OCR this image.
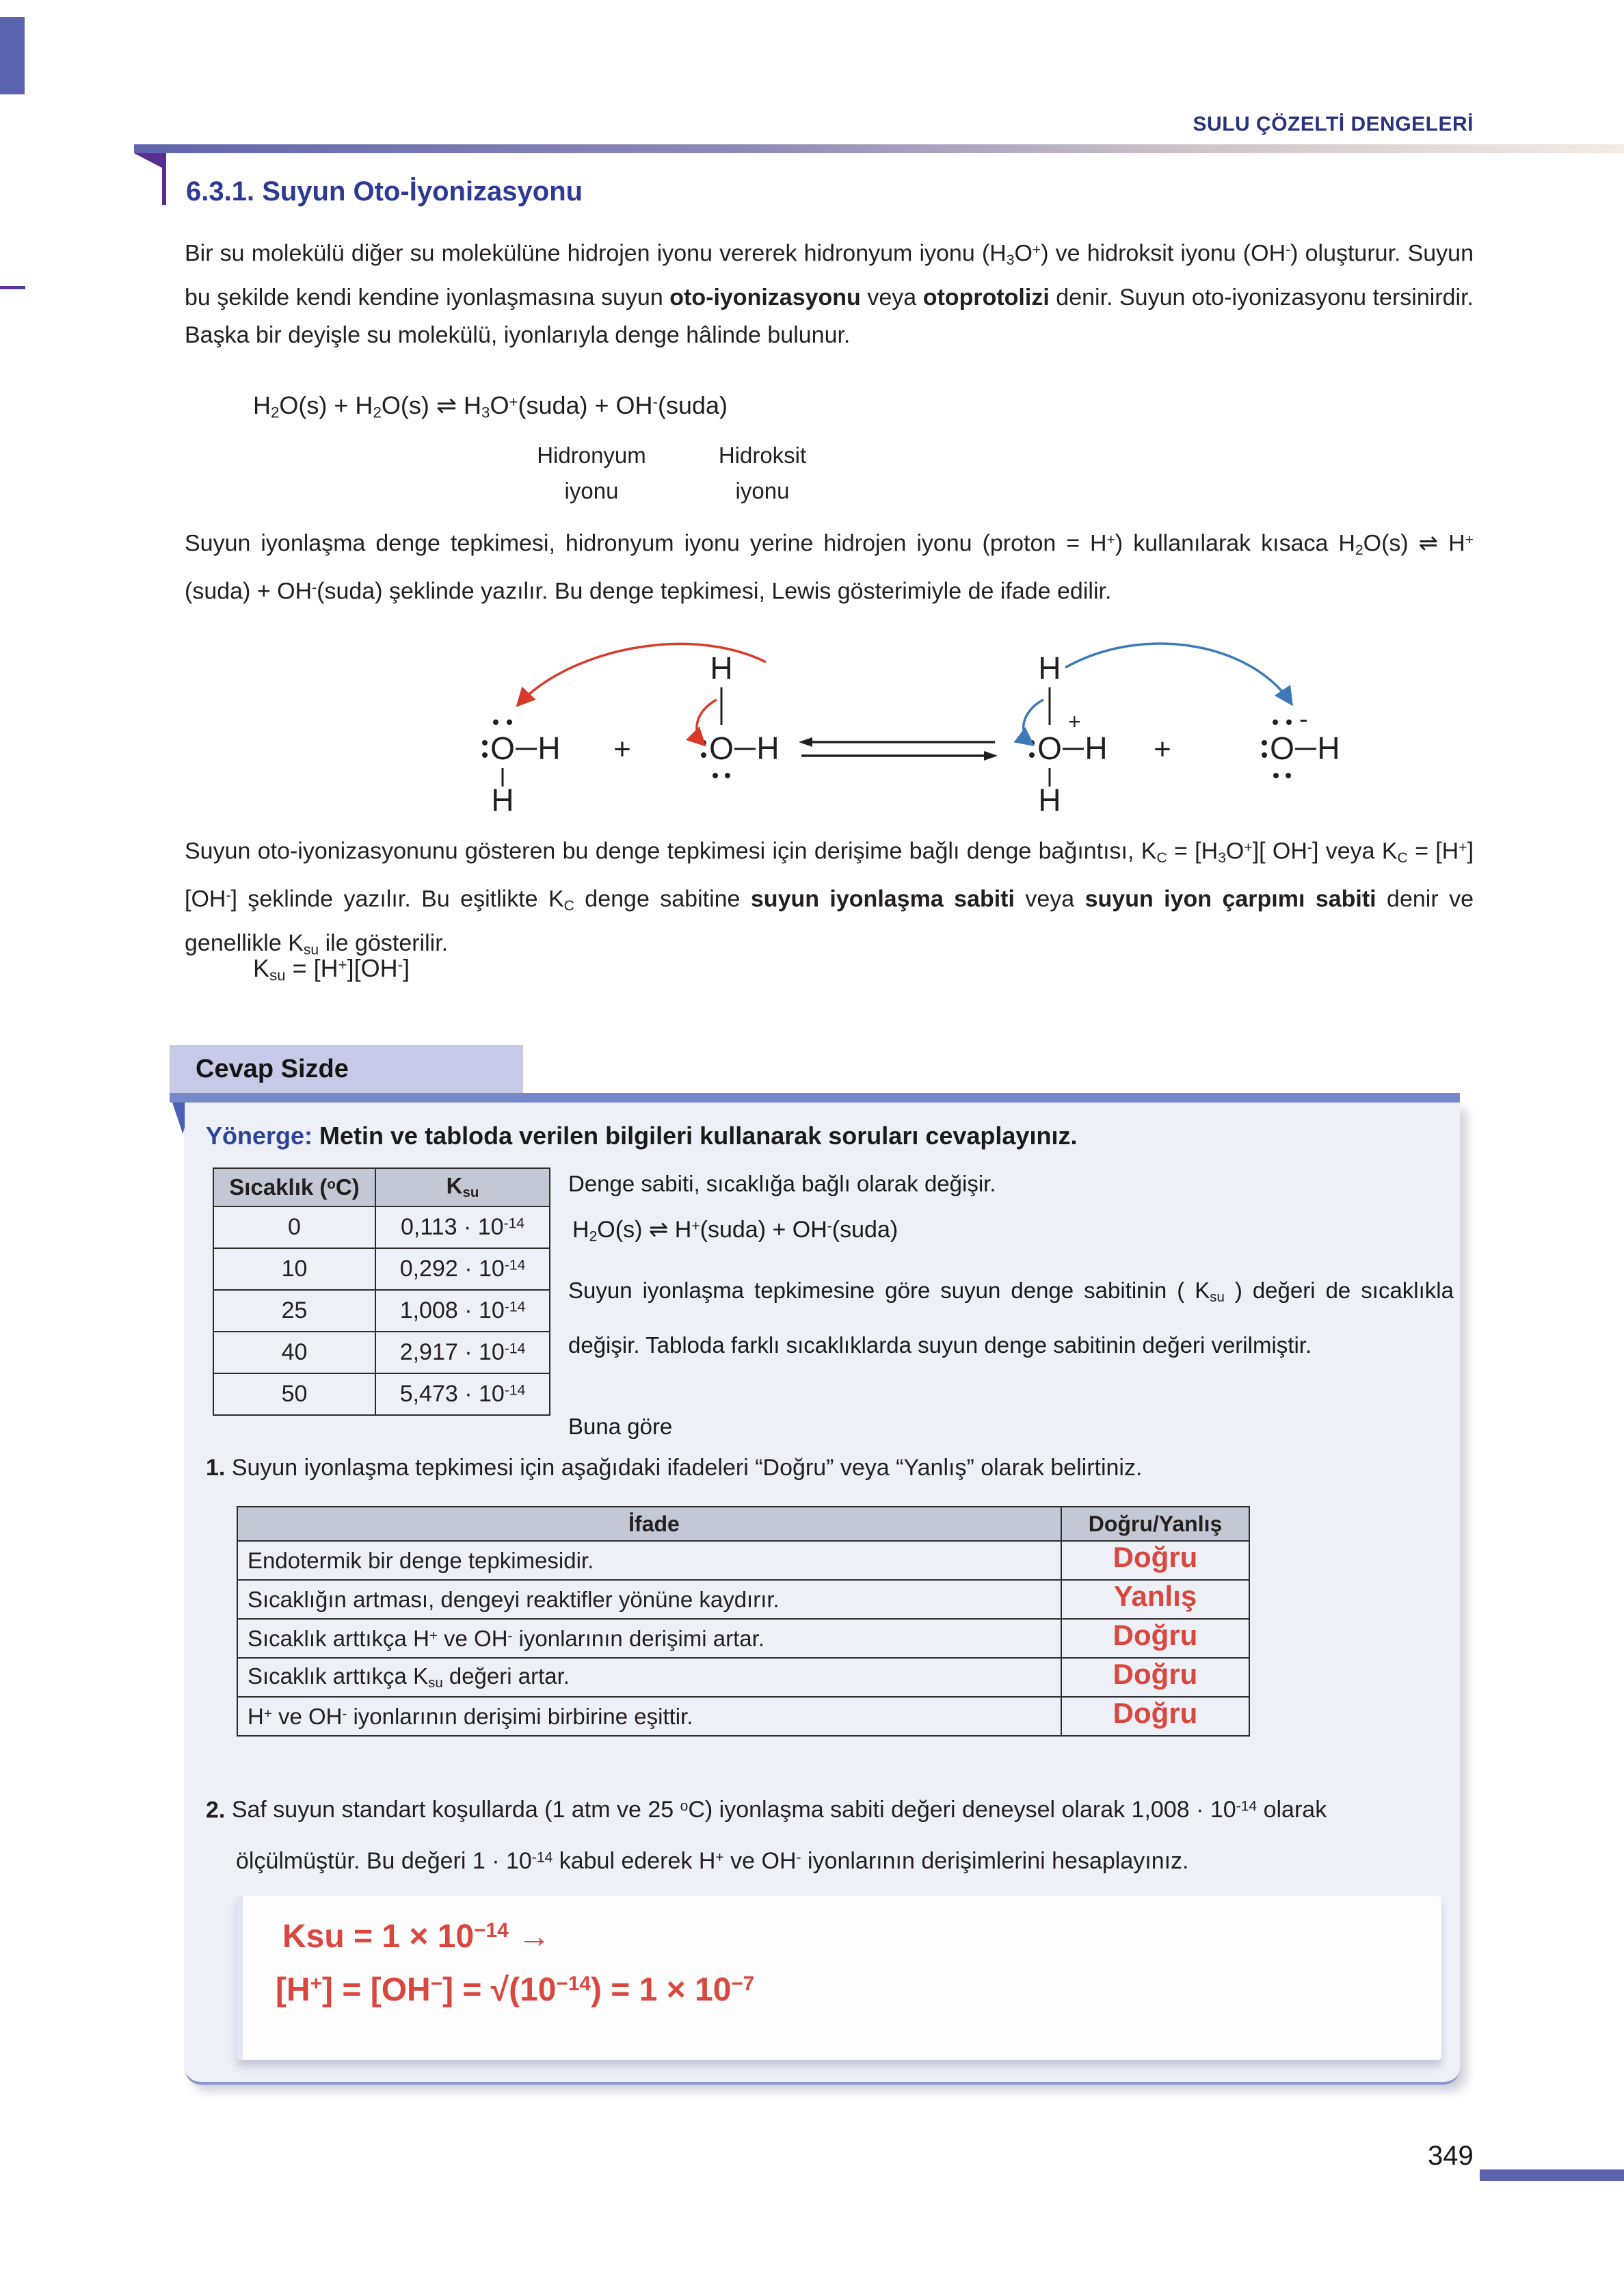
SULU ÇÖZELTİ DENGELERİ
6.3.1. Suyun Oto-İyonizasyonu
Bir su molekülü diğer su molekülüne hidrojen iyonu vererek hidronyum iyonu $(H_3O^+)$ ve hidroksit iyonu (OH-) oluşturur. Suyun bu şekilde kendi kendine iyonlaşmasına suyun oto-iyonizasyonu veya otoprotolizi denir. Suyun oto-iyonizasyonu tersinirdir. Başka bir deyişle su molekülü, iyonlarıyla denge hâlinde bulunur.
$H_2O(s) + H_2O(s)$ ⇌ $H_3O^+(suda)$ + OH-(suda)
Hidronyum
iyonu
Hidroksit
iyonu
Suyun iyonlaşma denge tepkimesi, hidronyum iyonu yerine hidrojen iyonu (proton = H+) kullanılarak kısaca $H_2O(s)$ ⇌ H+(suda) + OH-(suda) şeklinde yazılır. Bu denge tepkimesi, Lewis gösterimiyle de ifade edilir.
O H
H
+
H
O H
H
O
+
H
H
+	O
-
H
Suyun oto-iyonizasyonunu gösteren bu denge tepkimesi için derişime bağlı denge bağıntısı, $K_C = [H_3O^+]$[ OH-] veya $K_C = [H^+][OH^-]$ şeklinde yazılır. Bu eşitlikte $K_C$ denge sabitine suyun iyonlaşma sabiti veya suyun iyon çarpımı sabiti denir ve genellikle $K_{su}$ ile gösterilir.
$K_{su} = [H^+][OH^-]$
Cevap Sizde
Yönerge: Metin ve tabloda verilen bilgileri kullanarak soruları cevaplayınız.
Sıcaklık ($^o$C)	$K_{su}$
0	$0,113 \cdot 10^{-14}$
10	$0,292 \cdot 10^{-14}$
25	$1,008 \cdot 10^{-14}$
40	$2,917 \cdot 10^{-14}$
50	$5,473 \cdot 10^{-14}$
Denge sabiti, sıcaklığa bağlı olarak değişir.
$H_2O(s)$ ⇌ H+(suda) + OH-(suda)
Suyun iyonlaşma tepkimesine göre suyun denge sabitinin ( $K_{su}$ ) değeri de sıcaklıkla değişir. Tabloda farklı sıcaklıklarda suyun denge sabitinin değeri verilmiştir.
Buna göre
1. Suyun iyonlaşma tepkimesi için aşağıdaki ifadeleri “Doğru” veya “Yanlış” olarak belirtiniz.
İfade	Doğru/Yanlış
Endotermik bir denge tepkimesidir.	Doğru
Sıcaklığın artması, dengeyi reaktifler yönüne kaydırır.	Yanlış
Sıcaklık arttıkça H+ ve OH- iyonlarının derişimi artar.	Doğru
Sıcaklık arttıkça $K_{su}$ değeri artar.	Doğru
H+ ve OH- iyonlarının derişimi birbirine eşittir.	Doğru
2. Saf suyun standart koşullarda (1 atm ve 25 $^o$C) iyonlaşma sabiti değeri deneysel olarak $1,008 \cdot 10^{-14}$ olarak ölçülmüştür. Bu değeri $1 \cdot 10^{-14}$ kabul ederek H+ ve OH- iyonlarının derişimlerini hesaplayınız.
Ksu = $1 \times 10^{-14}$ →
$[H^+] = [OH^-] = √(10^{-14}) = 1 \times 10^{-7}$
349
